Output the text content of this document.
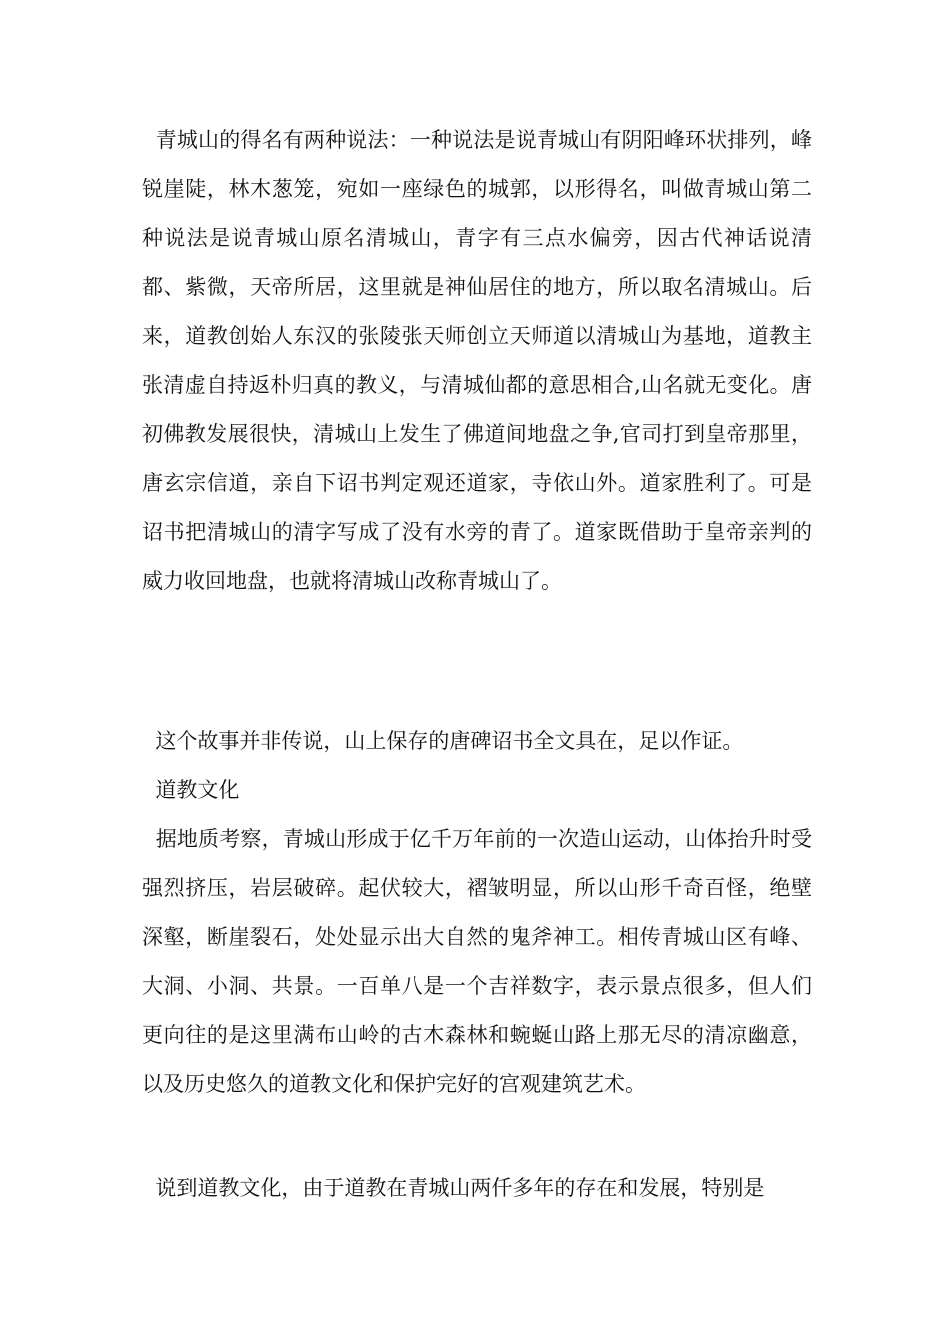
青城山的得名有两种说法：一种说法是说青城山有阴阳峰环状排列，峰锐崖陡，林木葱笼，宛如一座绿色的城郭，以形得名，叫做青城山第二种说法是说青城山原名清城山，青字有三点水偏旁，因古代神话说清都、紫微，天帝所居，这里就是神仙居住的地方，所以取名清城山。后来，道教创始人东汉的张陵张天师创立天师道以清城山为基地，道教主张清虚自持返朴归真的教义，与清城仙都的意思相合,山名就无变化。唐初佛教发展很快，清城山上发生了佛道间地盘之争,官司打到皇帝那里，唐玄宗信道，亲自下诏书判定观还道家，寺依山外。道家胜利了。可是诏书把清城山的清字写成了没有水旁的青了。道家既借助于皇帝亲判的威力收回地盘，也就将清城山改称青城山了。

这个故事并非传说，山上保存的唐碑诏书全文具在，足以作证。

道教文化

据地质考察，青城山形成于亿千万年前的一次造山运动，山体抬升时受强烈挤压，岩层破碎。起伏较大，褶皱明显，所以山形千奇百怪，绝壁深壑，断崖裂石，处处显示出大自然的鬼斧神工。相传青城山区有峰、大洞、小洞、共景。一百单八是一个吉祥数字，表示景点很多，但人们更向往的是这里满布山岭的古木森林和蜿蜒山路上那无尽的清凉幽意，以及历史悠久的道教文化和保护完好的宫观建筑艺术。

说到道教文化，由于道教在青城山两仟多年的存在和发展，特别是
